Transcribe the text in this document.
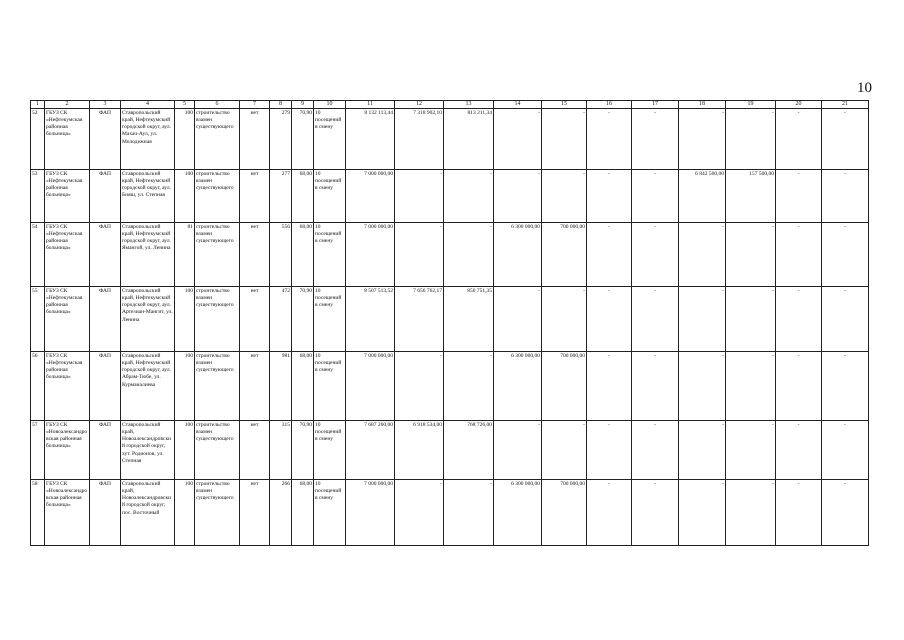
10
1	2	3	4	5	6	7	8	9	10	11	12	13	14	15	16	17	18	19	20	21
52	ГБУЗ СК «Нефтекумская районная больница»	ФАП	Ставропольский край, Нефтекумский городской округ, аул. Махач-Аул, ул. Молодежная	100	строительство взамен существующего	нет	279	70,90	10 посещений в смену	8 132 113,44	7 318 902,10	813 211,34	-	-	-	-	-	-	-	-
53	ГБУЗ СК «Нефтекумская районная больница»	ФАП	Ставропольский край, Нефтекумский городской округ, аул. Бияш, ул. Степная	100	строительство взамен существующего	нет	277	68,00	10 посещений в смену	7 000 000,00	-	-	-	-	-	-	6 842 500,00	157 500,00	-	-
54	ГБУЗ СК «Нефтекумская районная больница»	ФАП	Ставропольский край, Нефтекумский городской округ, аул. Ямангой, ул. Ленина	81	строительство взамен существующего	нет	556	68,00	10 посещений в смену	7 000 000,00	-	-	6 300 000,00	700 000,00	-	-	-	-	-	-
55	ГБУЗ СК «Нефтекумская районная больница»	ФАП	Ставропольский край, Нефтекумский городской округ, аул. Артезиан-Мангит, ул. Ленина	100	строительство взамен существующего	нет	472	70,90	10 посещений в смену	8 507 513,52	7 656 762,17	850 751,35	-	-	-	-	-	-	-	-
56	ГБУЗ СК «Нефтекумская районная больница»	ФАП	Ставропольский край, Нефтекумский городской округ, аул. Абрам-Тюбе, ул. Курманалиева	100	строительство взамен существующего	нет	981	68,00	10 посещений в смену	7 000 000,00	-	-	6 300 000,00	700 000,00	-	-	-	-	-	-
57	ГБУЗ СК «Новоалександровская районная больница»	ФАП	Ставропольский край, Новоалександровский городской округ, хут. Родионов, ул. Степная	100	строительство взамен существующего	нет	315	70,90	10 посещений в смену	7 687 260,00	6 918 534,00	768 726,00	-	-	-	-	-	-	-	-
58	ГБУЗ СК «Новоалександровская районная больница»	ФАП	Ставропольский край, Новоалександровский городской округ, пос. Восточный	100	строительство взамен существующего	нет	266	68,00	10 посещений в смену	7 000 000,00	-	-	6 300 000,00	700 000,00	-	-	-	-	-	-
